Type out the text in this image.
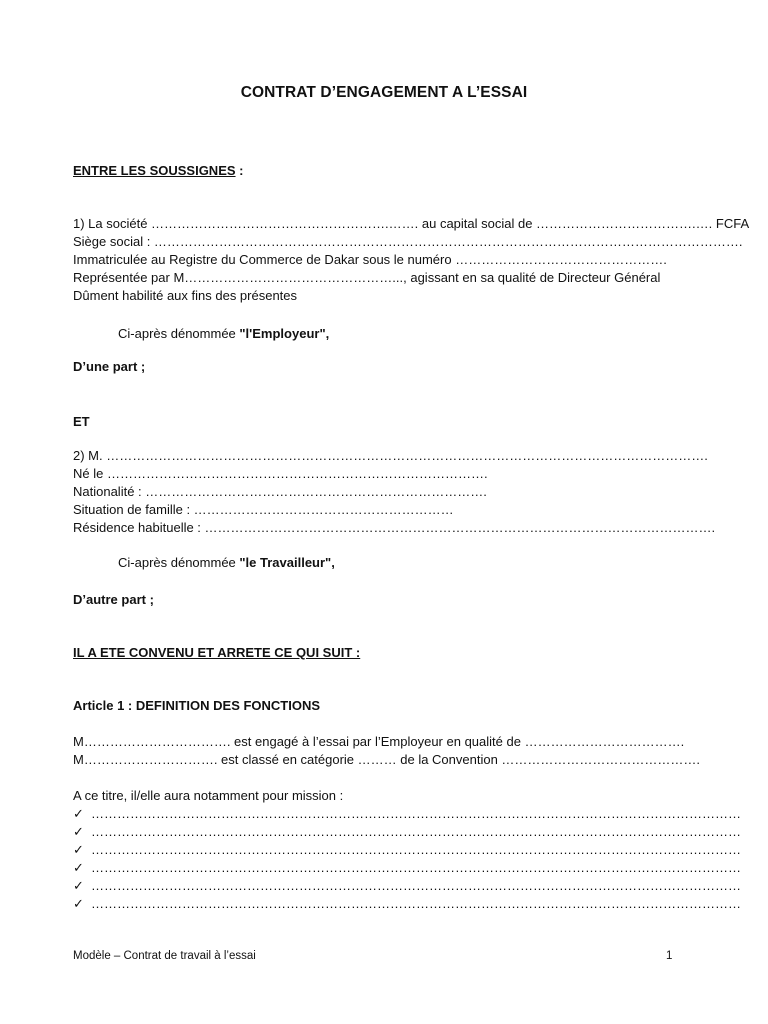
CONTRAT D’ENGAGEMENT A L’ESSAI
ENTRE LES SOUSSIGNES :
1) La société ……………………………………………….……. au capital social de ……………………………….…. FCFA
Siège social : ……………………………………………………………………………………………………………………….
Immatriculée au Registre du Commerce de Dakar sous le numéro ………………………………………….
Représentée par M…………………………………………..., agissant en sa qualité de Directeur Général
Dûment habilité aux fins des présentes
Ci-après dénommée "l'Employeur",
D’une part ;
ET
2) M. ………………………………………………………………………………………………………………………….
Né le …………………………………………………………………………….
Nationalité : …………………………………………………………………….
Situation de famille : ……………………………………………………
Résidence habituelle : ……………………………………………………………………………………………………….
Ci-après dénommée "le Travailleur",
D’autre part ;
IL A ETE CONVENU ET ARRETE CE QUI SUIT :
Article 1 : DEFINITION DES FONCTIONS
M……………………………. est engagé à l’essai par l’Employeur en qualité de ……………………………….
M…………………………. est classé en catégorie ……… de la Convention ……………………………………….
A ce titre, il/elle aura notamment pour mission :
✓ ……………………………………………………………………………………………………………………………………
✓ ……………………………………………………………………………………………………………………………………
✓ ……………………………………………………………………………………………………………………………………
✓ ……………………………………………………………………………………………………………………………………
✓ ……………………………………………………………………………………………………………………………………
✓ ……………………………………………………………………………………………………………………………………
Modèle – Contrat de travail à l’essai	1
